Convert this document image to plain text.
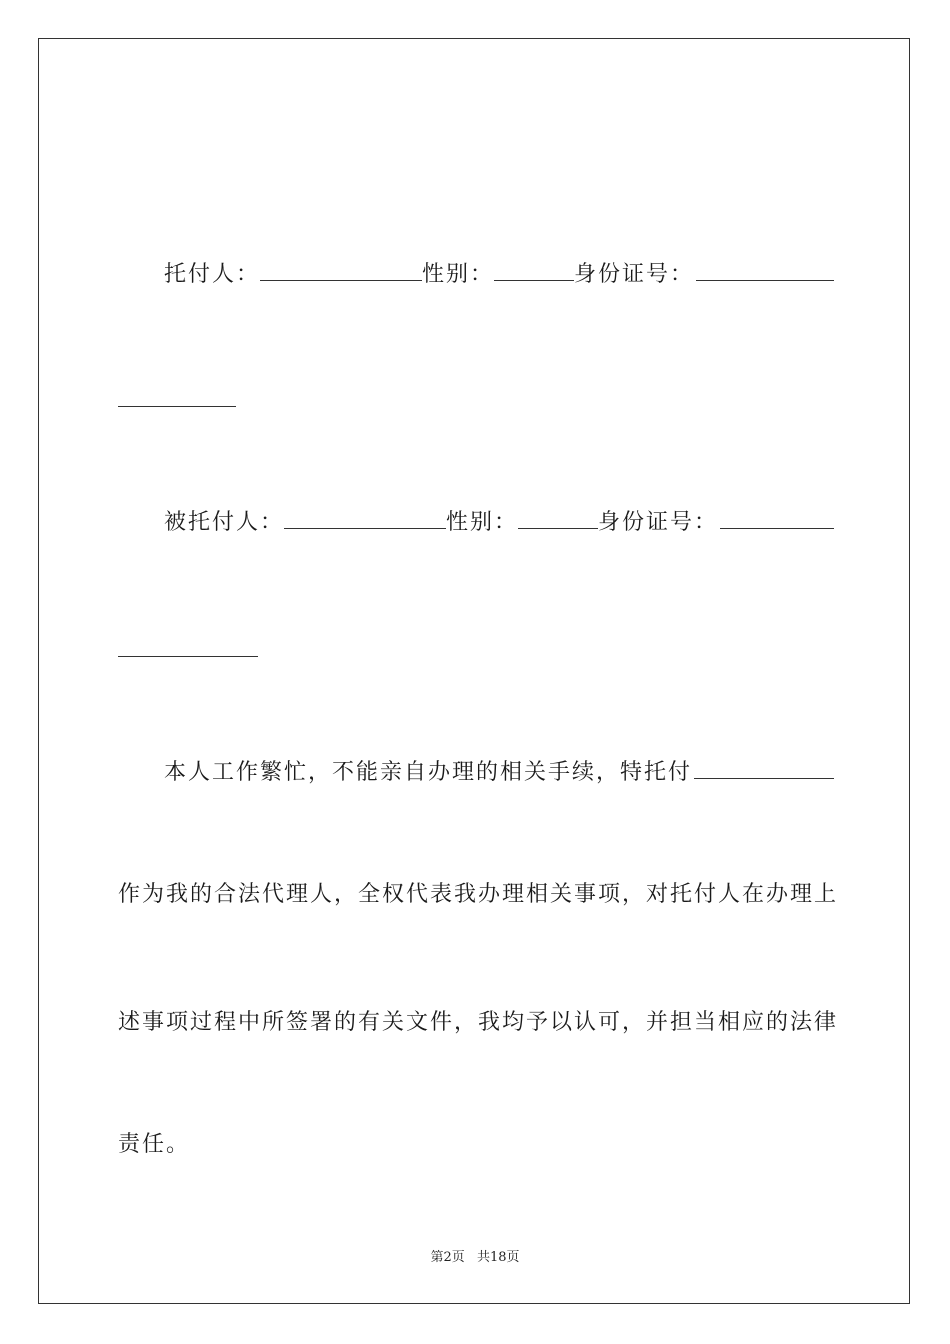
托付人：	性别：	身份证号：
被托付人：	性别：	身份证号：
本人工作繁忙，不能亲自办理的相关手续，特托付
作为我的合法代理人，全权代表我办理相关事项，对托付人在办理上
述事项过程中所签署的有关文件，我均予以认可，并担当相应的法律
责任。
第2页 共18页
